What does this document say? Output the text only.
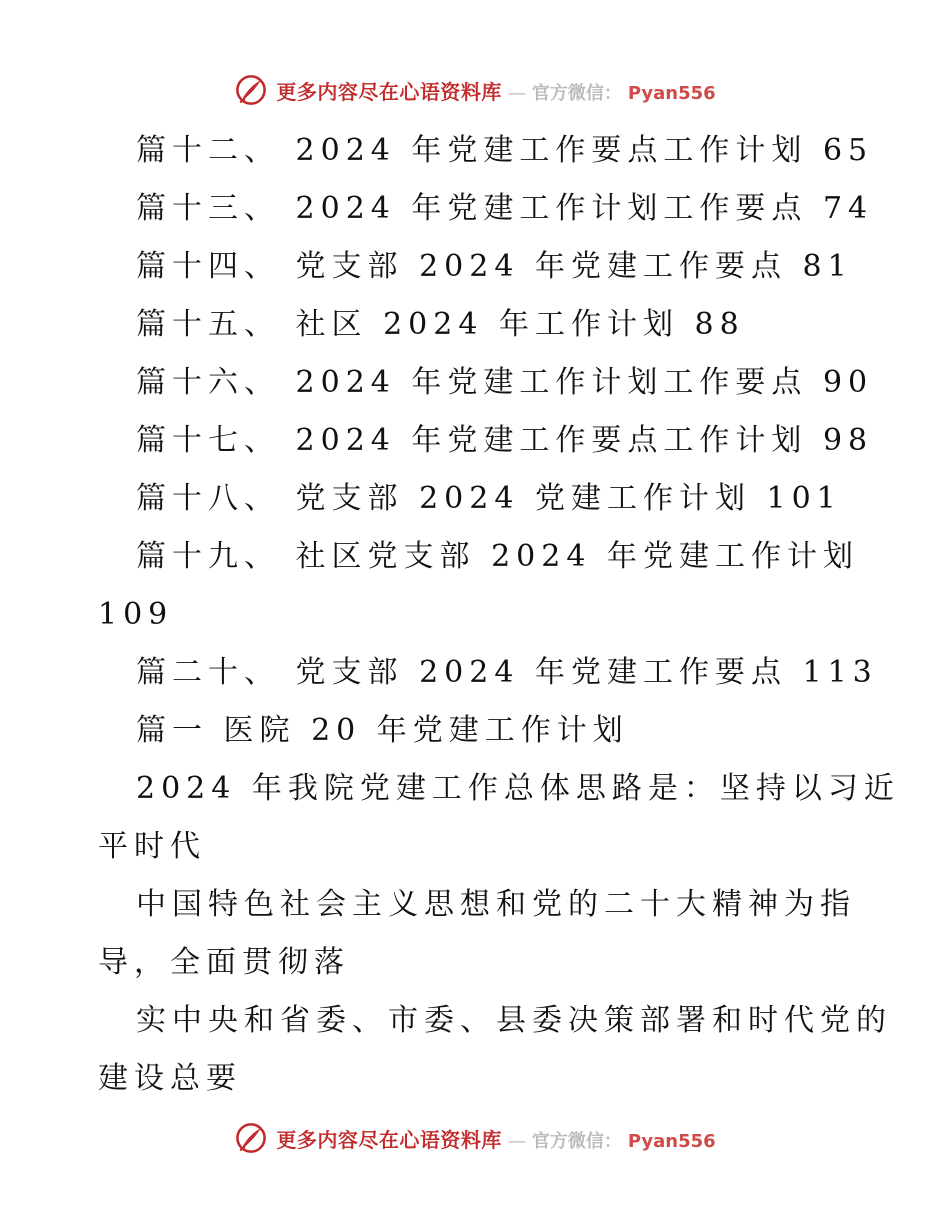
更多内容尽在心语资料库 — 官方微信： Pyan556
篇十二、 2024 年党建工作要点工作计划 65
篇十三、 2024 年党建工作计划工作要点 74
篇十四、 党支部 2024 年党建工作要点 81
篇十五、 社区 2024 年工作计划 88
篇十六、 2024 年党建工作计划工作要点 90
篇十七、 2024 年党建工作要点工作计划 98
篇十八、 党支部 2024 党建工作计划 101
篇十九、 社区党支部 2024 年党建工作计划
109
篇二十、 党支部 2024 年党建工作要点 113
篇一 医院 20 年党建工作计划
2024 年我院党建工作总体思路是：坚持以习近
平时代
中国特色社会主义思想和党的二十大精神为指
导，全面贯彻落
实中央和省委、市委、县委决策部署和时代党的
建设总要
更多内容尽在心语资料库 — 官方微信： Pyan556
